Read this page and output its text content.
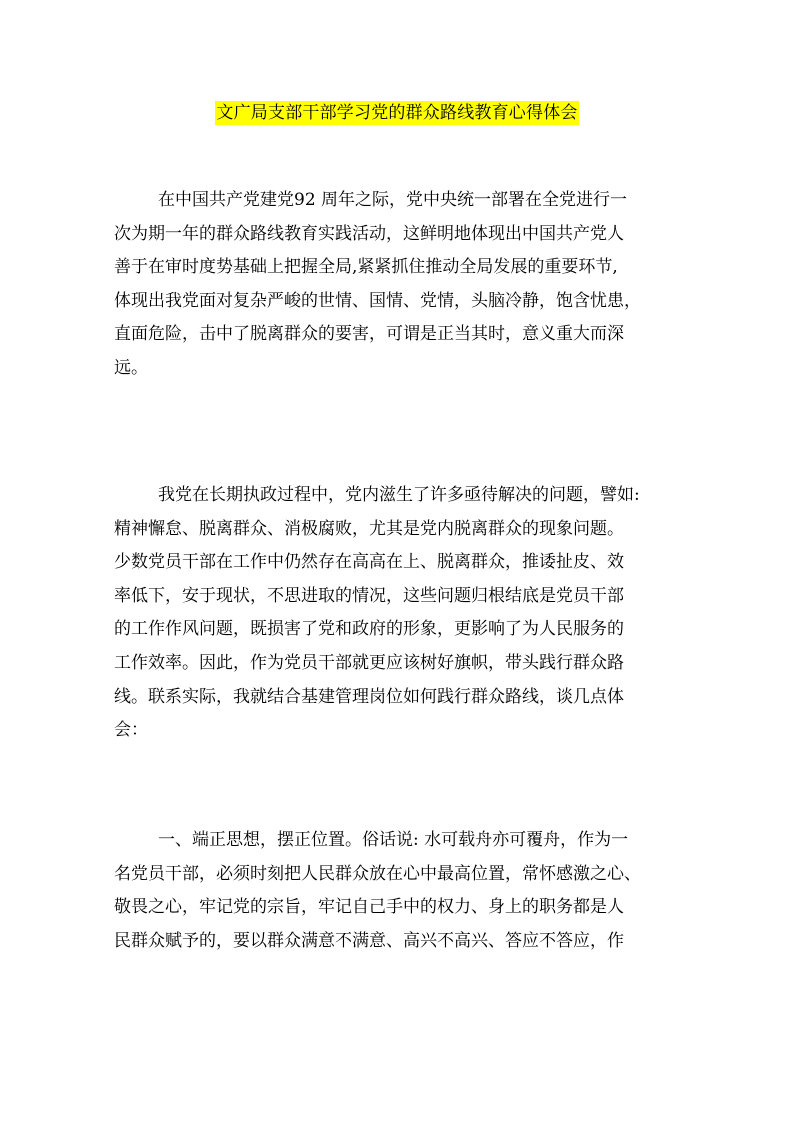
文广局支部干部学习党的群众路线教育心得体会
在中国共产党建党92 周年之际，党中央统一部署在全党进行一
次为期一年的群众路线教育实践活动，这鲜明地体现出中国共产党人
善于在审时度势基础上把握全局,紧紧抓住推动全局发展的重要环节,
体现出我党面对复杂严峻的世情、国情、党情，头脑冷静，饱含忧患，
直面危险，击中了脱离群众的要害，可谓是正当其时，意义重大而深
远。
我党在长期执政过程中，党内滋生了许多亟待解决的问题，譬如:
精神懈怠、脱离群众、消极腐败，尤其是党内脱离群众的现象问题。
少数党员干部在工作中仍然存在高高在上、脱离群众，推诿扯皮、效
率低下，安于现状，不思进取的情况，这些问题归根结底是党员干部
的工作作风问题，既损害了党和政府的形象，更影响了为人民服务的
工作效率。因此，作为党员干部就更应该树好旗帜，带头践行群众路
线。联系实际，我就结合基建管理岗位如何践行群众路线，谈几点体
会：
一、端正思想，摆正位置。俗话说: 水可载舟亦可覆舟，作为一
名党员干部，必须时刻把人民群众放在心中最高位置，常怀感激之心、
敬畏之心，牢记党的宗旨，牢记自己手中的权力、身上的职务都是人
民群众赋予的，要以群众满意不满意、高兴不高兴、答应不答应，作
